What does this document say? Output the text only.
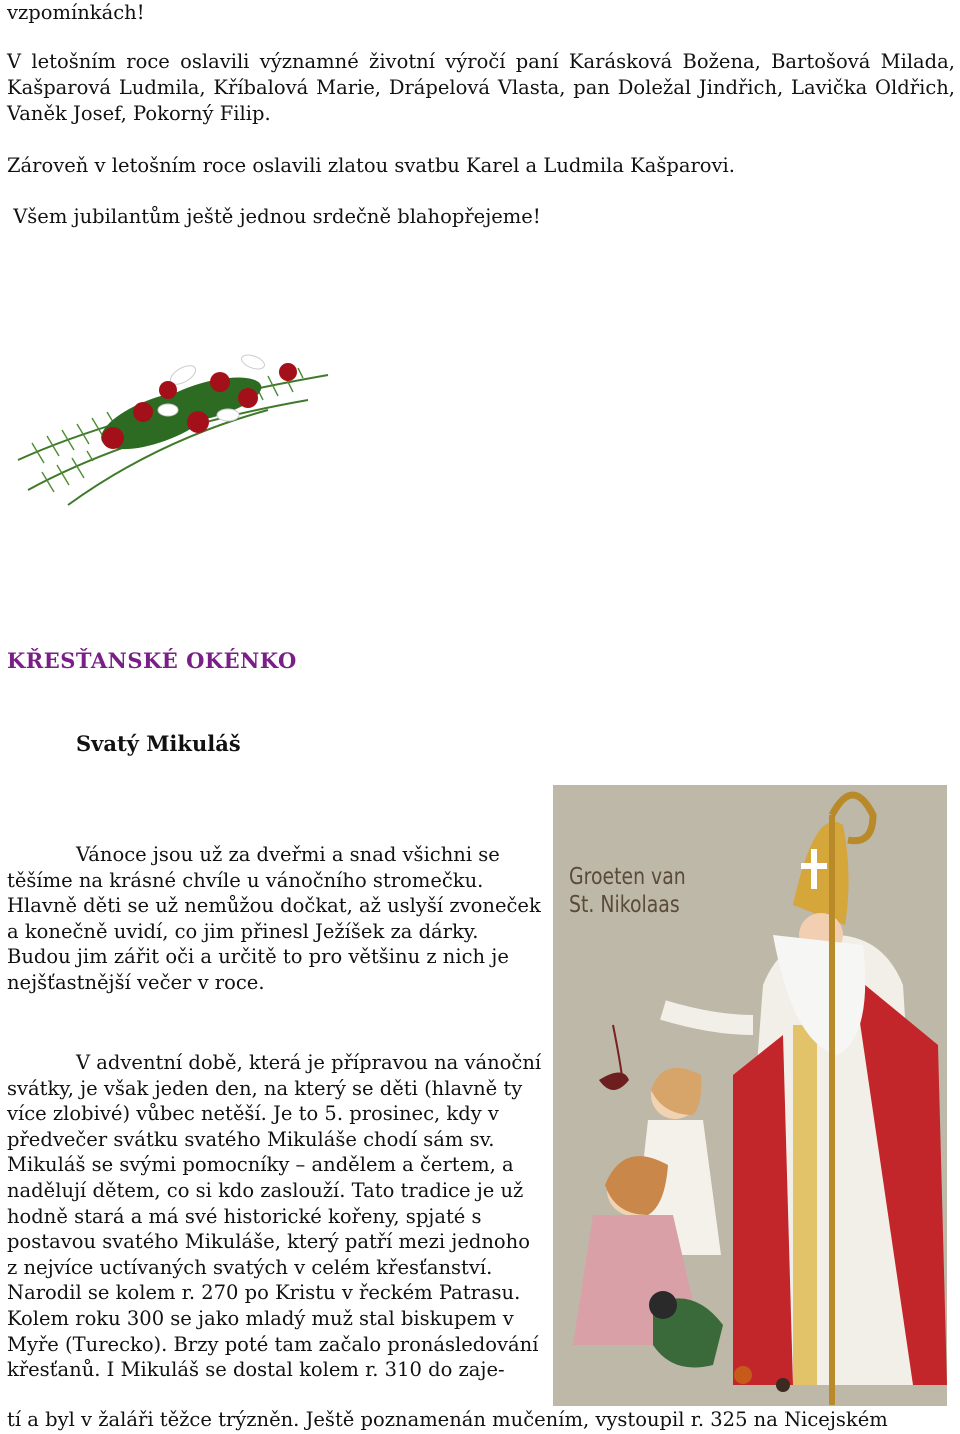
vzpomínkách!
V letošním roce oslavili významné životní výročí paní Karásková Božena, Bartošová Milada, Kašparová Ludmila, Kříbalová Marie, Drápelová Vlasta, pan Doležal Jindřich, Lavička Oldřich, Vaněk Josef, Pokorný Filip.
Zároveň v letošním roce oslavili zlatou svatbu Karel a Ludmila Kašparovi.
Všem jubilantům ještě jednou srdečně blahopřejeme!
KŘESŤANSKÉ OKÉNKO
Svatý Mikuláš

Vánoce jsou už za dveřmi a snad všichni se těšíme na krásné chvíle u vánočního stromečku. Hlavně děti se už nemůžou dočkat, až uslyší zvoneček a konečně uvidí, co jim přinesl Ježíšek za dárky. Budou jim zářit oči a určitě to pro většinu z nich je nejšťastnější večer v roce.

V adventní době, která je přípravou na vánoční svátky, je však jeden den, na který se děti (hlavně ty více zlobivé) vůbec netěší. Je to 5. prosinec, kdy v předvečer svátku svatého Mikuláše chodí sám sv. Mikuláš se svými pomocníky – andělem a čertem, a nadělují dětem, co si kdo zaslouží. Tato tradice je už hodně stará a má své historické kořeny, spjaté s postavou svatého Mikuláše, který patří mezi jednoho z nejvíce uctívaných svatých v celém křesťanství. Narodil se kolem r. 270 po Kristu v řeckém Patrasu. Kolem roku 300 se jako mladý muž stal biskupem v Myře (Turecko). Brzy poté tam začalo pronásledování křesťanů. I Mikuláš se dostal kolem r. 310 do zaje-

tí a byl v žaláři těžce trýzněn. Ještě poznamenán mučením, vystoupil r. 325 na Nicejském
Groeten van
St. Nikolaas
